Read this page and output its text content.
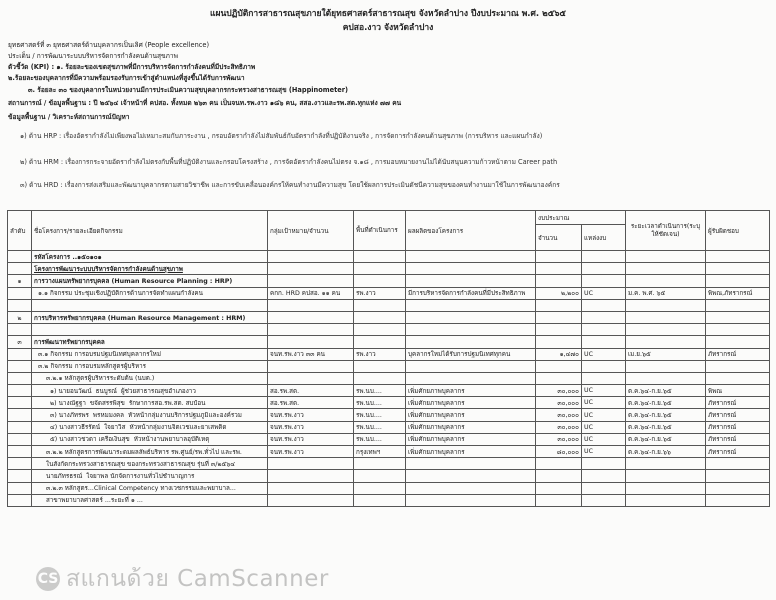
แผนปฏิบัติการสาธารณสุขภายใต้ยุทธศาสตร์สาธารณสุข จังหวัดลำปาง ปีงบประมาณ พ.ศ. ๒๕๖๕
คปสอ.งาว จังหวัดลำปาง
ยุทธศาสตร์ที่ ๓ ยุทธศาสตร์ด้านบุคลากรเป็นเลิศ (People excellence)
ประเด็น / การพัฒนาระบบบริหารจัดการกำลังคนด้านสุขภาพ
ตัวชี้วัด (KPI) : ๑. ร้อยละของเขตสุขภาพที่มีการบริหารจัดการกำลังคนที่มีประสิทธิภาพ
๒.ร้อยละของบุคลากรที่มีความพร้อมรองรับการเข้าสู่ตำแหน่งที่สูงขึ้นได้รับการพัฒนา
๓. ร้อยละ ๓๐ ของบุคลากรในหน่วยงานมีการประเมินความสุขบุคลากรกระทรวงสาธารณสุข (Happinometer)
สถานการณ์ / ข้อมูลพื้นฐาน : ปี ๒๕๖๔ เจ้าหน้าที่ คปสอ. ทั้งหมด ๒๖๓ คน เป็นจนท.รพ.งาว ๑๘๖ คน, สสอ.งาวและรพ.สต.ทุกแห่ง ๗๗ คน
ข้อมูลพื้นฐาน / วิเคราะห์สถานการณ์ปัญหา
๑) ด้าน HRP : เรื่องอัตรากำลังไม่เพียงพอไม่เหมาะสมกับภาระงาน , กรอบอัตรากำลังไม่สัมพันธ์กับอัตรากำลังที่ปฏิบัติงานจริง , การจัดการกำลังคนด้านสุขภาพ (การบริหาร และแผนกำลัง)
๒) ด้าน HRM : เรื่องการกระจายอัตรากำลังไม่ตรงกับพื้นที่ปฏิบัติงานและกรอบโครงสร้าง , การจัดอัตรากำลังคนไม่ตรง จ.๑๘ , การมอบหมายงานไม่ได้นับสนุนความก้าวหน้าตาม Career path
๓) ด้าน HRD : เรื่องการส่งเสริมและพัฒนาบุคลากรตามสายวิชาชีพ และการขับเคลื่อนองค์กรให้คนทำงานมีความสุข โดยใช้ผลการประเมินดัชนีความสุขของคนทำงานมาใช้ในการพัฒนาองค์กร
ลำดับ	ชื่อโครงการ/รายละเอียดกิจกรรม	กลุ่มเป้าหมาย/จำนวน	พื้นที่ดำเนินการ	ผลผลิตของโครงการ	งบประมาณ		ระยะเวลาดำเนินการ(ระบุให้ชัดเจน)	ผู้รับผิดชอบ
					จำนวน	แหล่งงบ		
	รหัสโครงการ ..๑๕๐๑๐๑							
	โครงการพัฒนาระบบบริหารจัดการกำลังคนด้านสุขภาพ							
๑	การวางแผนทรัพยากรบุคคล (Human Resource Planning : HRP)							
	๑.๑ กิจกรรม ประชุมเชิงปฏิบัติการด้านการจัดทำแผนกำลังคน	คกก. HRD คปสอ. ๑๑ คน	รพ.งาว	มีการบริหารจัดการกำลังคนที่มีประสิทธิภาพ	๒,๒๐๐	UC	ม.ค. พ.ศ. ๖๕	พิพณ,ภัทรากรณ์

๒	การบริหารทรัพยากรบุคคล (Human Resource Management : HRM)							

๓	การพัฒนาทรัพยากรบุคคล							
	๓.๑ กิจกรรม การอบรมปฐมนิเทศบุคลากรใหม่	จนท.รพ.งาว ๓๓ คน	รพ.งาว	บุคลากรใหม่ได้รับการปฐมนิเทศทุกคน	๑,๔๗๐	UC	เม.ย.๖๕	ภัทรากรณ์
	๓.๒ กิจกรรม การอบรมหลักสูตรผู้บริหาร							
	๓.๒.๑ หลักสูตรผู้บริหารระดับต้น (นบต.)							
	๑) นายอนวัฒน์  ธนบูรณ์  ผู้ช่วยสาธารณสุขอำเภองาว	สอ.รพ.สต.	รพ.นบ....	เพิ่มศักยภาพบุคลากร	๓๐,๐๐๐	UC	ต.ค.๖๔-ก.ย.๖๕	พิพณ
	๒) นางณัฐฐา  ขจัดสรรพิสุข  รักษาการสอ.รพ.สต. สบป๋อน	สอ.รพ.สต.	รพ.นบ....	เพิ่มศักยภาพบุคลากร	๓๐,๐๐๐	UC	ต.ค.๖๔-ก.ย.๖๕	ภัทรากรณ์
	๓) นางภัทรพร  พรหมมงคล  หัวหน้ากลุ่มงานบริการปฐมภูมิและองค์รวม	จนท.รพ.งาว	รพ.นบ....	เพิ่มศักยภาพบุคลากร	๓๐,๐๐๐	UC	ต.ค.๖๔-ก.ย.๖๕	ภัทรากรณ์
	๔) นางสาวธีรรัตน์  ใจยาวิส  หัวหน้ากลุ่มงานจิตเวชและยาเสพติด	จนท.รพ.งาว	รพ.นบ....	เพิ่มศักยภาพบุคลากร	๓๐,๐๐๐	UC	ต.ค.๖๔-ก.ย.๖๕	ภัทรากรณ์
	๕) นางสาวชวดา เครือเงินสุข  หัวหน้างานพยาบาลอุบัติเหตุ	จนท.รพ.งาว	รพ.นบ....	เพิ่มศักยภาพบุคลากร	๓๐,๐๐๐	UC	ต.ค.๖๔-ก.ย.๖๕	ภัทรากรณ์
	๓.๒.๒ หลักสูตรการพัฒนาระดมผลลัพธ์บริหาร รพ.ศูนย์/รพ.ทั่วไป และรพ.	จนท.รพ.งาว	กรุงเทพฯ	เพิ่มศักยภาพบุคลากร	๘๐,๐๐๐	UC	ต.ค.๖๔-ก.ย.๖๖	ภัทรากรณ์
	ในสังกัดกระทรวงสาธารณสุข ของกระทรวงสาธารณสุข รุ่นที่ ๓/๒๕๖๔							
	นายภัทรธรณ์  ใจยาพล นักจัดการงานทั่วไปชำนาญการ							
	๓.๒.๓ หลักสูตร...Clinical Competency ทางเวชกรรมและพยาบาล...							
	สาขาพยาบาลศาสตร์ ...ระยะที่ ๑ ...							
CS สแกนด้วย CamScanner
